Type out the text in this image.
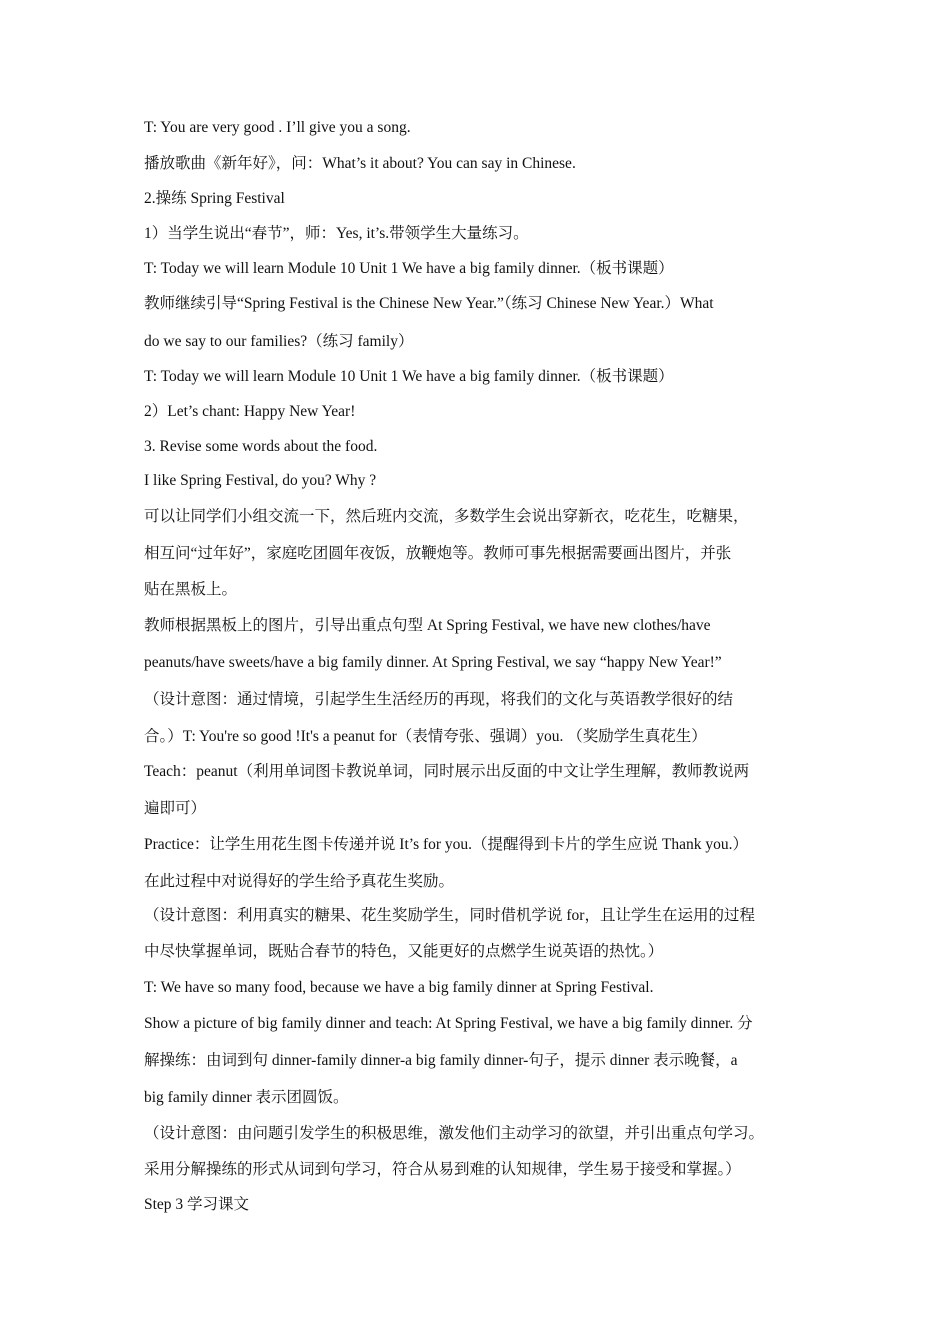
T: You are very good . I’ll give you a song.
播放歌曲《新年好》，问：What’s it about? You can say in Chinese.
2.操练 Spring Festival
1）当学生说出“春节”，师：Yes, it’s.带领学生大量练习。
T: Today we will learn Module 10 Unit 1 We have a big family dinner.（板书课题）
教师继续引导“Spring Festival is the Chinese New Year.”（练习 Chinese New Year.）What
do we say to our families?（练习 family）
T: Today we will learn Module 10 Unit 1 We have a big family dinner.（板书课题）
2）Let’s chant: Happy New Year!
3. Revise some words about the food.
I like Spring Festival, do you? Why ?
可以让同学们小组交流一下，然后班内交流，多数学生会说出穿新衣，吃花生，吃糖果，
相互问“过年好”，家庭吃团圆年夜饭，放鞭炮等。教师可事先根据需要画出图片，并张
贴在黑板上。
教师根据黑板上的图片，引导出重点句型 At Spring Festival, we have new clothes/have
peanuts/have sweets/have a big family dinner. At Spring Festival, we say “happy New Year!”
（设计意图：通过情境，引起学生生活经历的再现，将我们的文化与英语教学很好的结
合。）T: You're so good !It's a peanut for（表情夸张、强调）you. （奖励学生真花生）
Teach：peanut（利用单词图卡教说单词，同时展示出反面的中文让学生理解，教师教说两
遍即可）
Practice：让学生用花生图卡传递并说 It’s for you.（提醒得到卡片的学生应说 Thank you.）
在此过程中对说得好的学生给予真花生奖励。
（设计意图：利用真实的糖果、花生奖励学生，同时借机学说 for，且让学生在运用的过程
中尽快掌握单词，既贴合春节的特色，又能更好的点燃学生说英语的热忱。）
T: We have so many food, because we have a big family dinner at Spring Festival.
Show a picture of big family dinner and teach: At Spring Festival, we have a big family dinner. 分
解操练：由词到句 dinner-family dinner-a big family dinner-句子，提示 dinner 表示晚餐，a
big family dinner 表示团圆饭。
（设计意图：由问题引发学生的积极思维，激发他们主动学习的欲望，并引出重点句学习。
采用分解操练的形式从词到句学习，符合从易到难的认知规律，学生易于接受和掌握。）
Step 3 学习课文
